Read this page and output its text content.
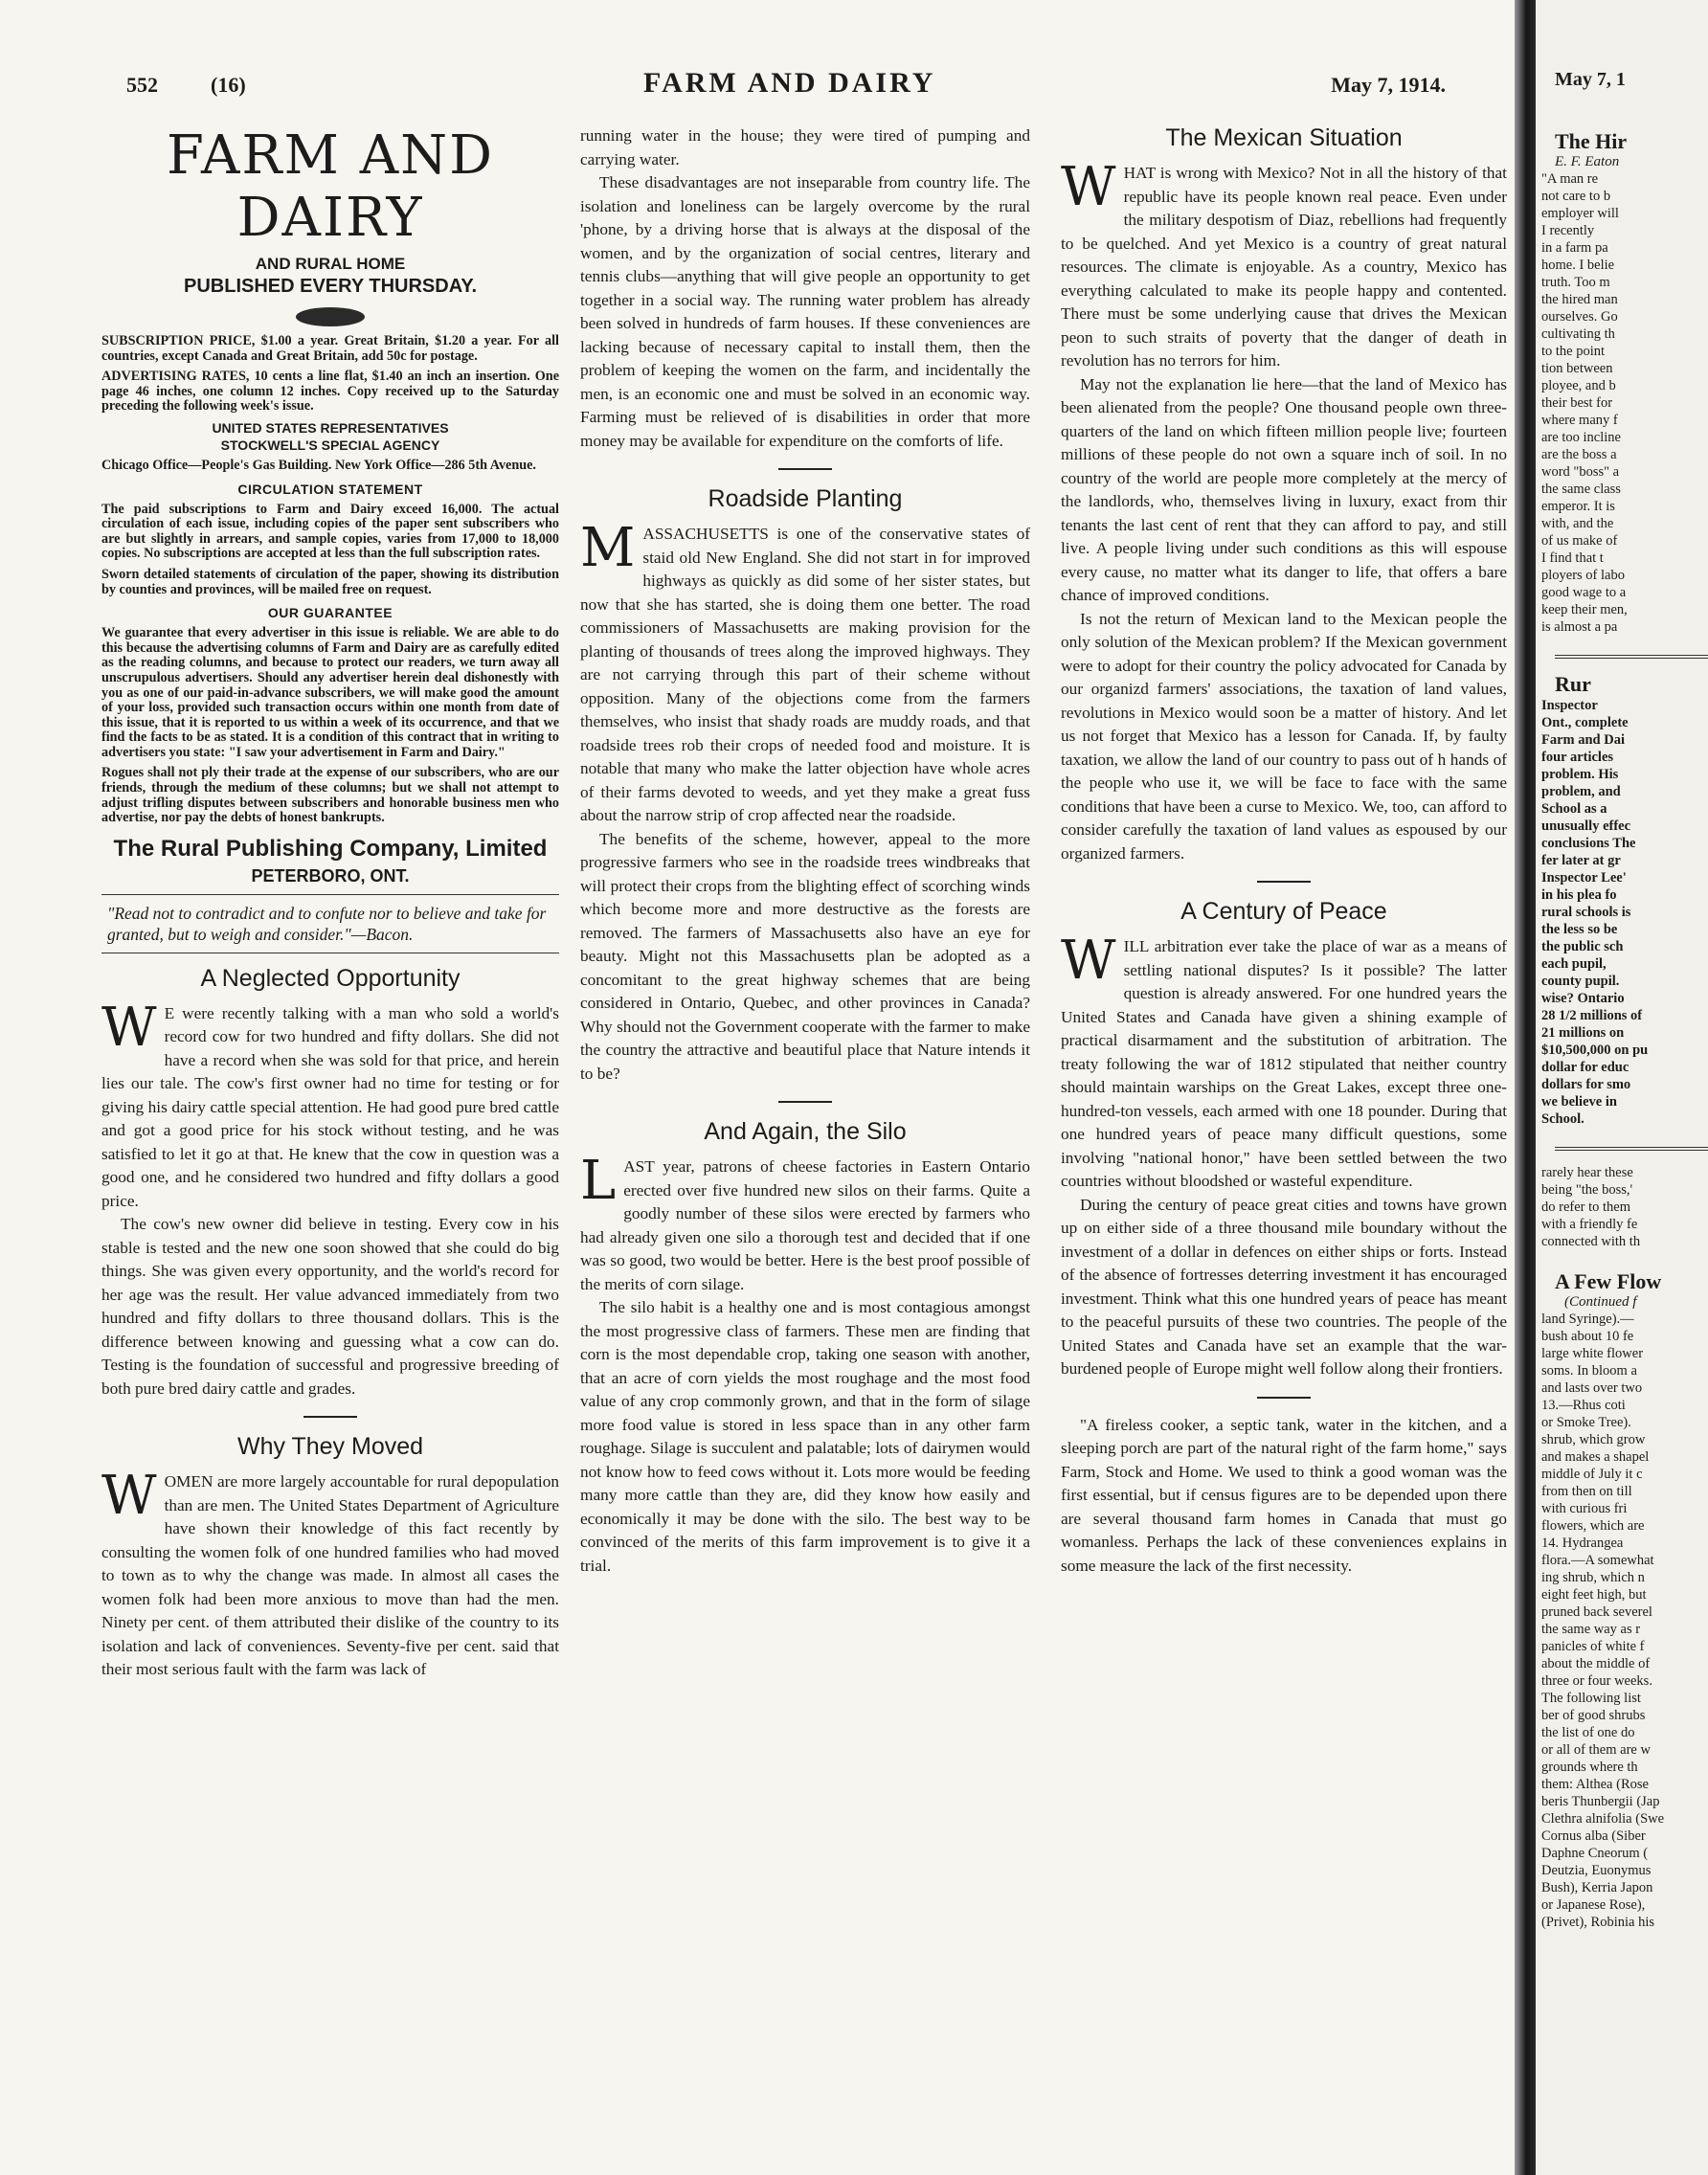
552	(16)	FARM AND DAIRY	May 7, 1914.
FARM AND DAIRY
AND RURAL HOME
PUBLISHED EVERY THURSDAY.

SUBSCRIPTION PRICE, $1.00 a year. Great Britain, $1.20 a year. For all countries, except Canada and Great Britain, add 50c for postage.

ADVERTISING RATES, 10 cents a line flat, $1.40 an inch an insertion. One page 46 inches, one column 12 inches. Copy received up to the Saturday preceding the following week's issue.

UNITED STATES REPRESENTATIVES
STOCKWELL'S SPECIAL AGENCY

Chicago Office—People's Gas Building. New York Office—286 5th Avenue.

CIRCULATION STATEMENT

The paid subscriptions to Farm and Dairy exceed 16,000. The actual circulation of each issue, including copies of the paper sent subscribers who are but slightly in arrears, and sample copies, varies from 17,000 to 18,000 copies. No subscriptions are accepted at less than the full subscription rates.

Sworn detailed statements of circulation of the paper, showing its distribution by counties and provinces, will be mailed free on request.

OUR GUARANTEE

We guarantee that every advertiser in this issue is reliable. We are able to do this because the advertising columns of Farm and Dairy are as carefully edited as the reading columns, and because to protect our readers, we turn away all unscrupulous advertisers. Should any advertiser herein deal dishonestly with you as one of our paid-in-advance subscribers, we will make good the amount of your loss, provided such transaction occurs within one month from date of this issue, that it is reported to us within a week of its occurrence, and that we find the facts to be as stated. It is a condition of this contract that in writing to advertisers you state: "I saw your advertisement in Farm and Dairy."

Rogues shall not ply their trade at the expense of our subscribers, who are our friends, through the medium of these columns; but we shall not attempt to adjust trifling disputes between subscribers and honorable business men who advertise, nor pay the debts of honest bankrupts.

The Rural Publishing Company, Limited
PETERBORO, ONT.
"Read not to contradict and to confute nor to believe and take for granted, but to weigh and consider."—Bacon.
A Neglected Opportunity

W E were recently talking with a man who sold a world's record cow for two hundred and fifty dollars. She did not have a record when she was sold for that price, and herein lies our tale. The cow's first owner had no time for testing or for giving his dairy cattle special attention. He had good pure bred cattle and got a good price for his stock without testing, and he was satisfied to let it go at that. He knew that the cow in question was a good one, and he considered two hundred and fifty dollars a good price.

The cow's new owner did believe in testing. Every cow in his stable is tested and the new one soon showed that she could do big things. She was given every opportunity, and the world's record for her age was the result. Her value advanced immediately from two hundred and fifty dollars to three thousand dollars. This is the difference between knowing and guessing what a cow can do. Testing is the foundation of successful and progressive breeding of both pure bred dairy cattle and grades.

Why They Moved

WOMEN are more largely accountable for rural depopulation than are men. The United States Department of Agriculture have shown their knowledge of this fact recently by consulting the women folk of one hundred families who had moved to town as to why the change was made. In almost all cases the women folk had been more anxious to move than had the men. Ninety per cent. of them attributed their dislike of the country to its isolation and lack of conveniences. Seventy-five per cent. said that their most serious fault with the farm was lack of

running water in the house; they were tired of pumping and carrying water.

These disadvantages are not inseparable from country life. The isolation and loneliness can be largely overcome by the rural 'phone, by a driving horse that is always at the disposal of the women, and by the organization of social centres, literary and tennis clubs—anything that will give people an opportunity to get together in a social way. The running water problem has already been solved in hundreds of farm houses. If these conveniences are lacking because of necessary capital to install them, then the problem of keeping the women on the farm, and incidentally the men, is an economic one and must be solved in an economic way. Farming must be relieved of is disabilities in order that more money may be available for expenditure on the comforts of life.

Roadside Planting

MASSACHUSETTS is one of the conservative states of staid old New England. She did not start in for improved highways as quickly as did some of her sister states, but now that she has started, she is doing them one better. The road commissioners of Massachusetts are making provision for the planting of thousands of trees along the improved highways. They are not carrying through this part of their scheme without opposition. Many of the objections come from the farmers themselves, who insist that shady roads are muddy roads, and that roadside trees rob their crops of needed food and moisture. It is notable that many who make the latter objection have whole acres of their farms devoted to weeds, and yet they make a great fuss about the narrow strip of crop affected near the roadside.

The benefits of the scheme, however, appeal to the more progressive farmers who see in the roadside trees windbreaks that will protect their crops from the blighting effect of scorching winds which become more and more destructive as the forests are removed. The farmers of Massachusetts also have an eye for beauty. Might not this Massachusetts plan be adopted as a concomitant to the great highway schemes that are being considered in Ontario, Quebec, and other provinces in Canada? Why should not the Government cooperate with the farmer to make the country the attractive and beautiful place that Nature intends it to be?

And Again, the Silo

LAST year, patrons of cheese factories in Eastern Ontario erected over five hundred new silos on their farms. Quite a goodly number of these silos were erected by farmers who had already given one silo a thorough test and decided that if one was so good, two would be better. Here is the best proof possible of the merits of corn silage.

The silo habit is a healthy one and is most contagious amongst the most progressive class of farmers. These men are finding that corn is the most dependable crop, taking one season with another, that an acre of corn yields the most roughage and the most food value of any crop commonly grown, and that in the form of silage more food value is stored in less space than in any other farm roughage. Silage is succulent and palatable; lots of dairymen would not know how to feed cows without it. Lots more would be feeding many more cattle than they are, did they know how easily and economically it may be done with the silo. The best way to be convinced of the merits of this farm improvement is to give it a trial.

The Mexican Situation

WHAT is wrong with Mexico? Not in all the history of that republic have its people known real peace. Even under the military despotism of Diaz, rebellions had frequently to be quelched. And yet Mexico is a country of great natural resources. The climate is enjoyable. As a country, Mexico has everything calculated to make its people happy and contented. There must be some underlying cause that drives the Mexican peon to such straits of poverty that the danger of death in revolution has no terrors for him.

May not the explanation lie here—that the land of Mexico has been alienated from the people? One thousand people own three-quarters of the land on which fifteen million people live; fourteen millions of these people do not own a square inch of soil. In no country of the world are people more completely at the mercy of the landlords, who, themselves living in luxury, exact from thir tenants the last cent of rent that they can afford to pay, and still live. A people living under such conditions as this will espouse every cause, no matter what its danger to life, that offers a bare chance of improved conditions.

Is not the return of Mexican land to the Mexican people the only solution of the Mexican problem? If the Mexican government were to adopt for their country the policy advocated for Canada by our organizd farmers' associations, the taxation of land values, revolutions in Mexico would soon be a matter of history. And let us not forget that Mexico has a lesson for Canada. If, by faulty taxation, we allow the land of our country to pass out of h hands of the people who use it, we will be face to face with the same conditions that have been a curse to Mexico. We, too, can afford to consider carefully the taxation of land values as espoused by our organized farmers.

A Century of Peace

WILL arbitration ever take the place of war as a means of settling national disputes? Is it possible? The latter question is already answered. For one hundred years the United States and Canada have given a shining example of practical disarmament and the substitution of arbitration. The treaty following the war of 1812 stipulated that neither country should maintain warships on the Great Lakes, except three one-hundred-ton vessels, each armed with one 18 pounder. During that one hundred years of peace many difficult questions, some involving "national honor," have been settled between the two countries without bloodshed or wasteful expenditure.

During the century of peace great cities and towns have grown up on either side of a three thousand mile boundary without the investment of a dollar in defences on either ships or forts. Instead of the absence of fortresses deterring investment it has encouraged investment. Think what this one hundred years of peace has meant to the peaceful pursuits of these two countries. The people of the United States and Canada have set an example that the war-burdened people of Europe might well follow along their frontiers.

"A fireless cooker, a septic tank, water in the kitchen, and a sleeping porch are part of the natural right of the farm home," says Farm, Stock and Home. We used to think a good woman was the first essential, but if census figures are to be depended upon there are several thousand farm homes in Canada that must go womanless. Perhaps the lack of these conveniences explains in some measure the lack of the first necessity.

May 7, 1
The Hir
E. F. Eaton
"A man re
not care to b
employer will
I recently
in a farm pa
home. I belie
truth. Too m
the hired man
ourselves. Go
cultivating th
to the point
tion between
ployee, and b
their best for
where many f
are too incline
are the boss a
word "boss" a
the same class
emperor. It is
with, and the
of us make of
I find that t
ployers of labo
good wage to a
keep their men,
is almost a pa
Rur
Inspector
Ont., complete
Farm and Dai
four articles
problem. His
problem, and
School as a
unusually effec
conclusions The
fer later at gr
Inspector Lee'
in his plea fo
rural schools is
the less so be
the public sch
each pupil,
county pupil.
wise? Ontario
28 1/2 millions of
21 millions on
$10,500,000 on pu
dollar for educ
dollars for smo
we believe in
School.
rarely hear these
being "the boss,'
do refer to them
with a friendly fe
connected with th
A Few Flow
(Continued f
land Syringe).—
bush about 10 fe
large white flower
soms. In bloom a
and lasts over two
13.—Rhus coti
or Smoke Tree).
shrub, which grow
and makes a shapel
middle of July it c
from then on till
with curious fri
flowers, which are
14. Hydrangea
flora.—A somewhat
ing shrub, which n
eight feet high, but
pruned back severel
the same way as r
panicles of white f
about the middle of
three or four weeks.
The following list
ber of good shrubs
the list of one do
or all of them are w
grounds where th
them: Althea (Rose
beris Thunbergii (Jap
Clethra alnifolia (Swe
Cornus alba (Siber
Daphne Cneorum (
Deutzia, Euonymus
Bush), Kerria Japon
or Japanese Rose),
(Privet), Robinia his
